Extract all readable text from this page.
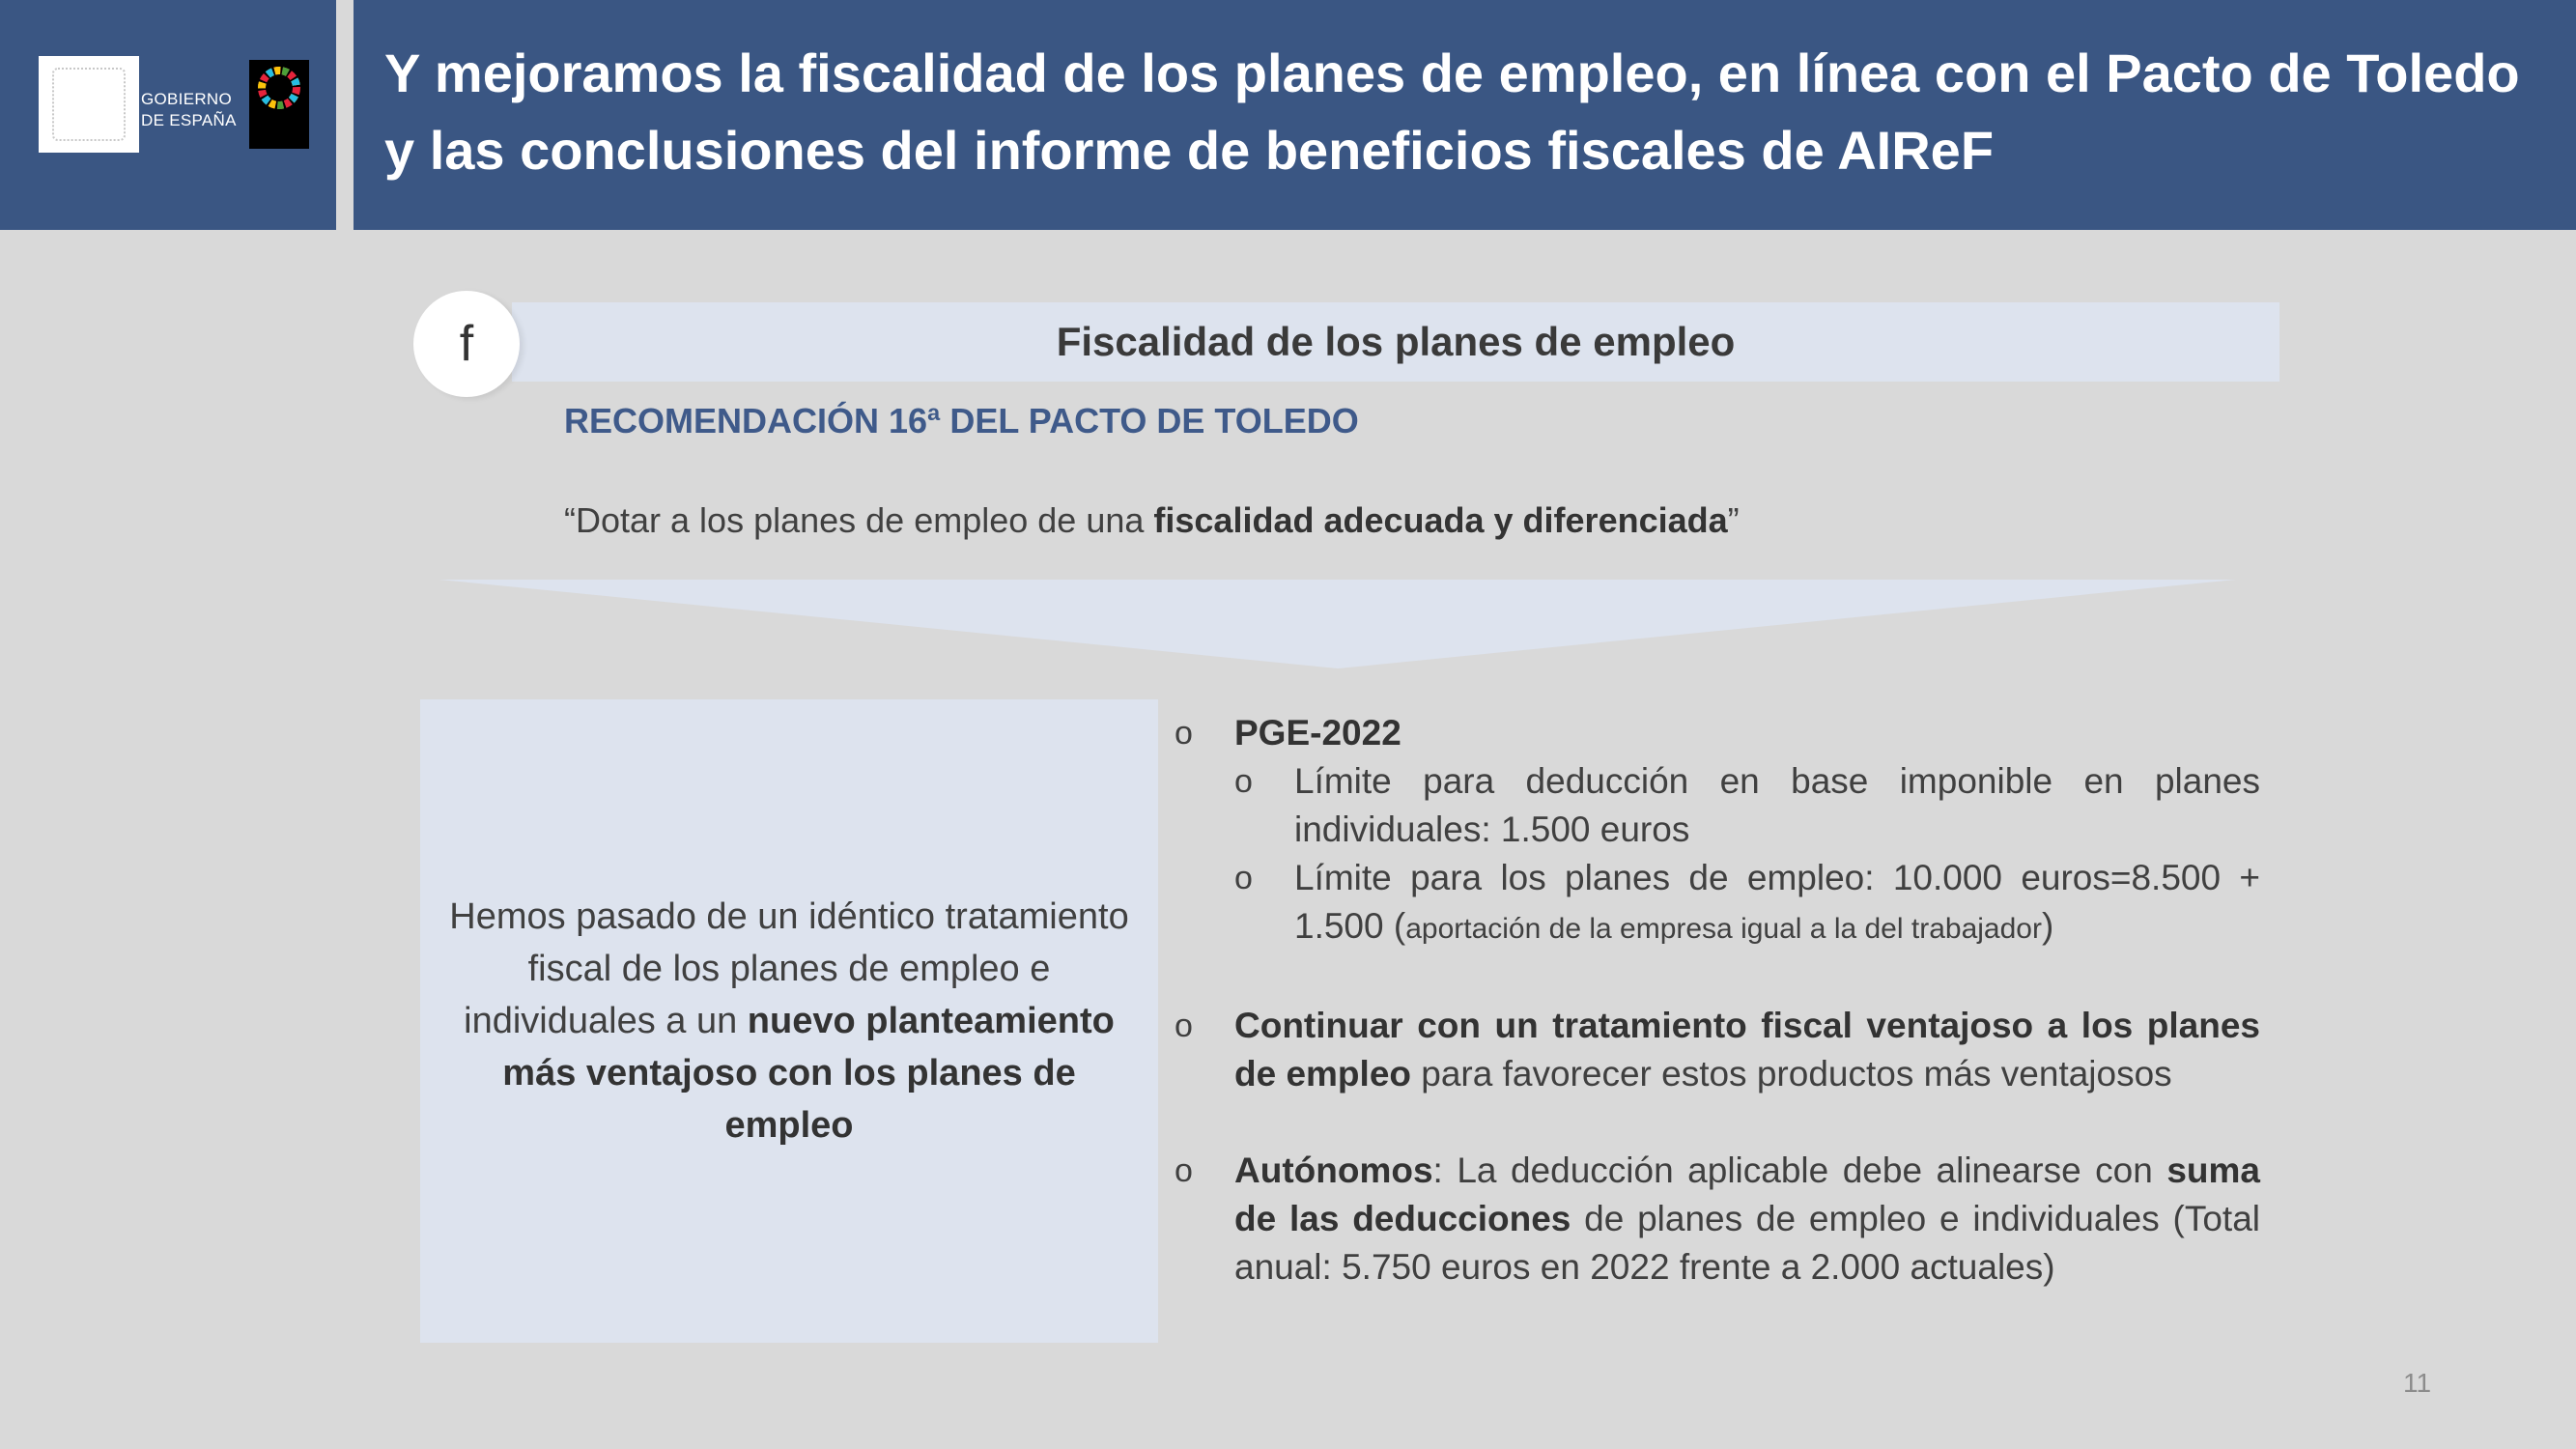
GOBIERNO
DE ESPAÑA
Y mejoramos la fiscalidad de los planes de empleo, en línea con el Pacto de Toledo y las conclusiones del informe de beneficios fiscales de AIReF
f	Fiscalidad de los planes de empleo
RECOMENDACIÓN 16ª DEL PACTO DE TOLEDO
“Dotar a los planes de empleo de una fiscalidad adecuada y diferenciada”
Hemos pasado de un idéntico tratamiento fiscal de los planes de empleo e individuales a un nuevo planteamiento más ventajoso con los planes de empleo
o PGE-2022
o Límite para deducción en base imponible en planes individuales: 1.500 euros
o Límite para los planes de empleo: 10.000 euros=8.500 + 1.500 (aportación de la empresa igual a la del trabajador)
o Continuar con un tratamiento fiscal ventajoso a los planes de empleo para favorecer estos productos más ventajosos
o Autónomos: La deducción aplicable debe alinearse con suma de las deducciones de planes de empleo e individuales (Total anual: 5.750 euros en 2022 frente a 2.000 actuales)
11
